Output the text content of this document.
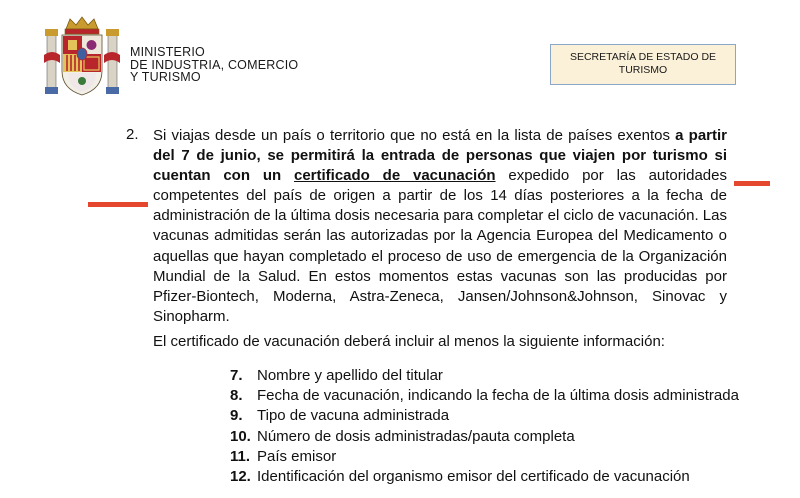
MINISTERIO
DE INDUSTRIA, COMERCIO
Y TURISMO
SECRETARÍA DE ESTADO DE
TURISMO
2. Si viajas desde un país o territorio que no está en la lista de países exentos a partir del 7 de junio, se permitirá la entrada de personas que viajen por turismo si cuentan con un certificado de vacunación expedido por las autoridades competentes del país de origen a partir de los 14 días posteriores a la fecha de administración de la última dosis necesaria para completar el ciclo de vacunación. Las vacunas admitidas serán las autorizadas por la Agencia Europea del Medicamento o aquellas que hayan completado el proceso de uso de emergencia de la Organización Mundial de la Salud. En estos momentos estas vacunas son las producidas por Pfizer-Biontech, Moderna, Astra-Zeneca, Jansen/Johnson&Johnson, Sinovac y Sinopharm.
El certificado de vacunación deberá incluir al menos la siguiente información:
7. Nombre y apellido del titular
8. Fecha de vacunación, indicando la fecha de la última dosis administrada
9. Tipo de vacuna administrada
10. Número de dosis administradas/pauta completa
11. País emisor
12. Identificación del organismo emisor del certificado de vacunación
